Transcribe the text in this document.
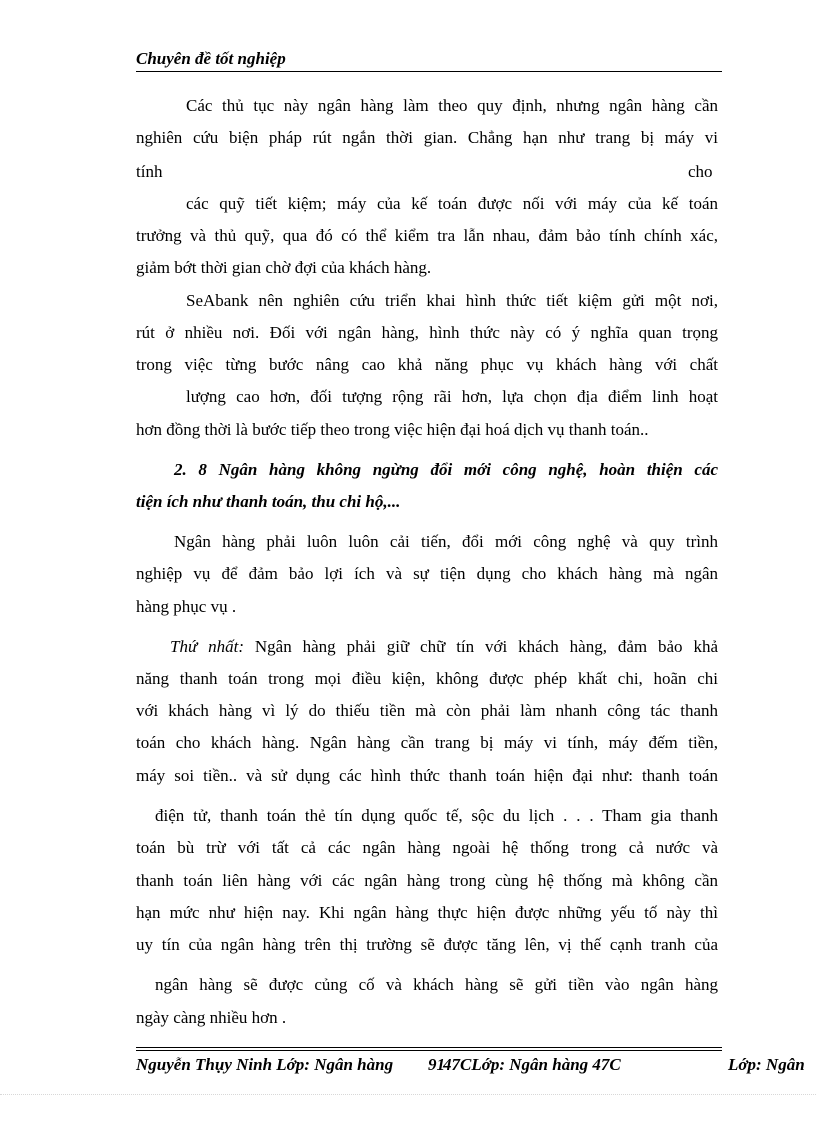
Chuyên đề tốt nghiệp
Các thủ tục này ngân hàng làm theo quy định, nhưng ngân hàng cần
nghiên cứu biện pháp rút ngắn thời gian. Chẳng hạn như trang bị máy vi
tính	cho
các quỹ tiết kiệm; máy của kế toán được nối với máy của kế toán
trưởng và thủ quỹ, qua đó có thể kiểm tra lẫn nhau, đảm bảo tính chính xác,
giảm bớt thời gian chờ đợi của khách hàng.
SeAbank nên nghiên cứu triển khai hình thức tiết kiệm gửi một nơi,
rút ở nhiều nơi. Đối với ngân hàng, hình thức này có ý nghĩa quan trọng
trong việc từng bước nâng cao khả năng phục vụ khách hàng với chất
lượng cao hơn, đối tượng rộng rãi hơn, lựa chọn địa điểm linh hoạt
hơn đồng thời là bước tiếp theo trong việc hiện đại hoá dịch vụ thanh toán..
2. 8 Ngân hàng không ngừng đổi mới công nghệ, hoàn thiện các
tiện ích như thanh toán, thu chi hộ,...
Ngân hàng phải luôn luôn cải tiến, đổi mới công nghệ và quy trình
nghiệp vụ để đảm bảo lợi ích và sự tiện dụng cho khách hàng mà ngân
hàng phục vụ .
Thứ nhất: Ngân hàng phải giữ chữ tín với khách hàng, đảm bảo khả
năng thanh toán trong mọi điều kiện, không được phép khất chi, hoãn chi
với khách hàng vì lý do thiếu tiền mà còn phải làm nhanh công tác thanh
toán cho khách hàng. Ngân hàng cần trang bị máy vi tính, máy đếm tiền,
máy soi tiền.. và sử dụng các hình thức thanh toán hiện đại như: thanh toán
điện tử, thanh toán thẻ tín dụng quốc tế, sộc du lịch . . . Tham gia thanh
toán bù trừ với tất cả các ngân hàng ngoài hệ thống trong cả nước và
thanh toán liên hàng với các ngân hàng trong cùng hệ thống mà không cần
hạn mức như hiện nay. Khi ngân hàng thực hiện được những yếu tố này thì
uy tín của ngân hàng trên thị trường sẽ được tăng lên, vị thế cạnh tranh của
ngân hàng sẽ được củng cố và khách hàng sẽ gửi tiền vào ngân hàng
ngày càng nhiều hơn .
Nguyễn Thụy Ninh Lớp: Ngân hàng 91
47CLớp: Ngân hàng 47C	Lớp: Ngân
